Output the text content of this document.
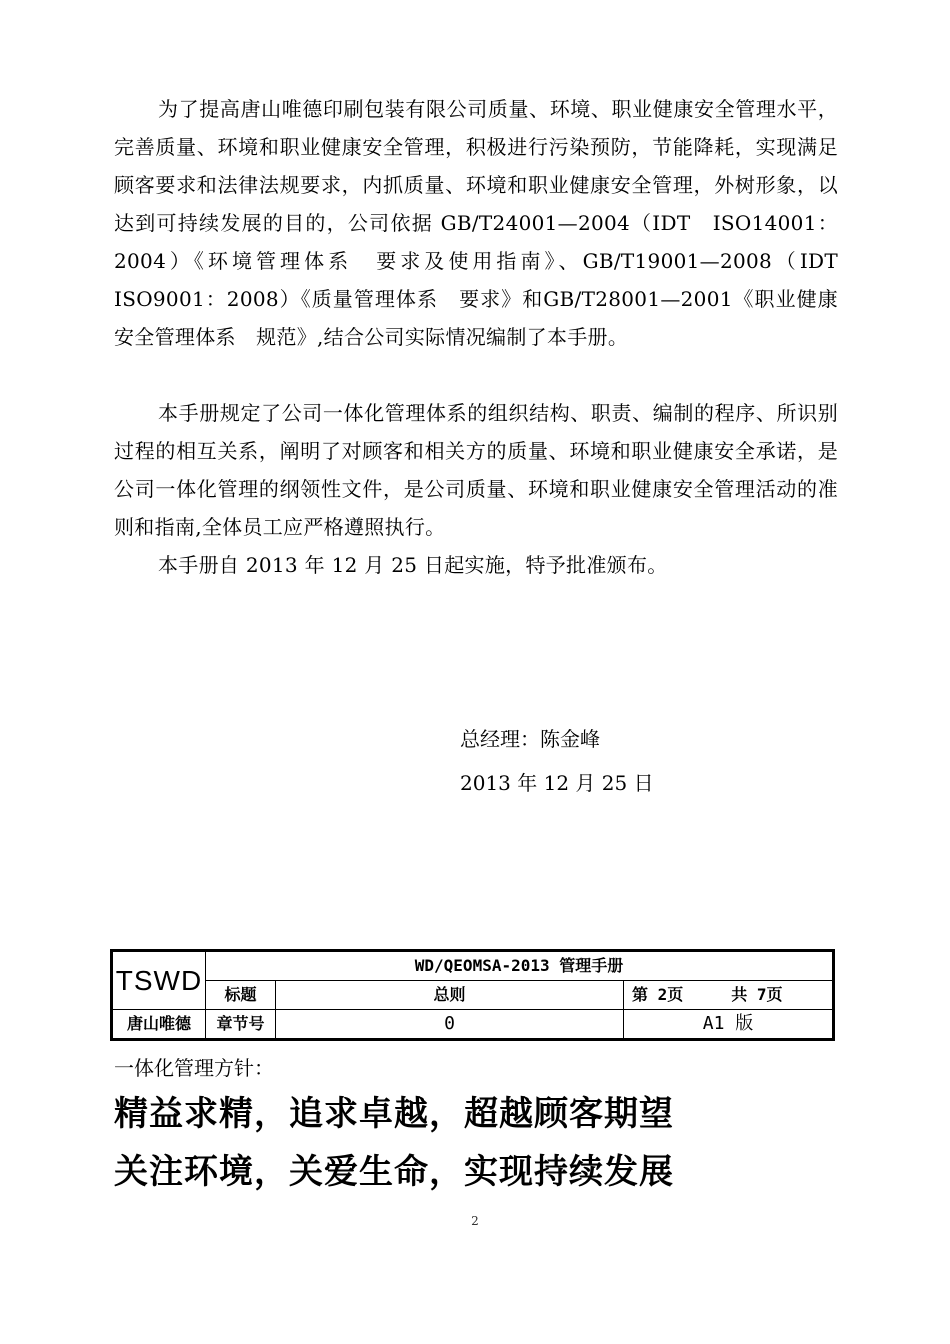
为了提高唐山唯德印刷包装有限公司质量、环境、职业健康安全管理水平，完善质量、环境和职业健康安全管理，积极进行污染预防，节能降耗，实现满足顾客要求和法律法规要求，内抓质量、环境和职业健康安全管理，外树形象，以达到可持续发展的目的，公司依据 GB/T24001—2004（IDT　ISO14001：2004）《环境管理体系　要求及使用指南》、GB/T19001—2008（IDT　ISO9001：2008）《质量管理体系　要求》和GB/T28001—2001《职业健康安全管理体系　规范》,结合公司实际情况编制了本手册。

本手册规定了公司一体化管理体系的组织结构、职责、编制的程序、所识别过程的相互关系，阐明了对顾客和相关方的质量、环境和职业健康安全承诺，是公司一体化管理的纲领性文件，是公司质量、环境和职业健康安全管理活动的准则和指南,全体员工应严格遵照执行。

本手册自 2013 年 12 月 25 日起实施，特予批准颁布。

总经理：陈金峰

2013 年 12 月 25 日

TSWD	WD/QEOMSA-2013 管理手册		
	标题	总则	第 2页 共 7页
唐山唯德	章节号	0	A1 版

一体化管理方针：

精益求精，追求卓越，超越顾客期望

关注环境，关爱生命，实现持续发展

2
